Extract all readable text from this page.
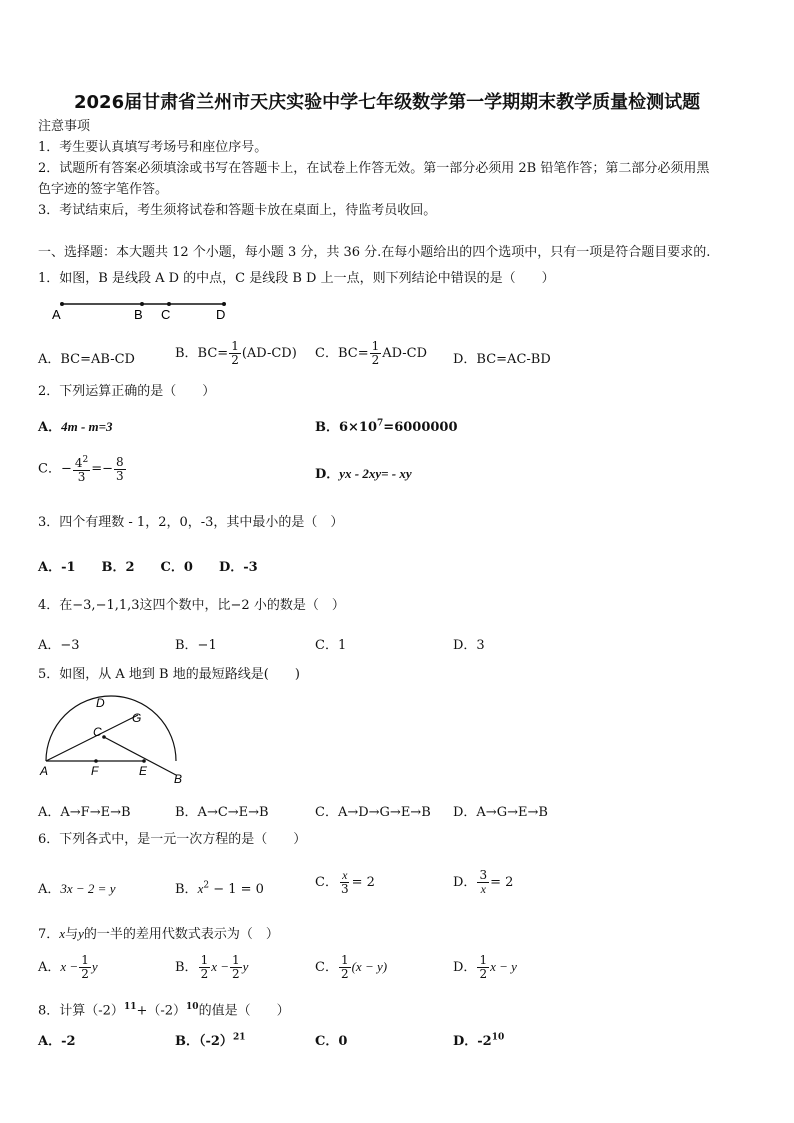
2026届甘肃省兰州市天庆实验中学七年级数学第一学期期末教学质量检测试题
注意事项
1．考生要认真填写考场号和座位序号。
2．试题所有答案必须填涂或书写在答题卡上，在试卷上作答无效。第一部分必须用 2B 铅笔作答；第二部分必须用黑
色字迹的签字笔作答。
3．考试结束后，考生须将试卷和答题卡放在桌面上，待监考员收回。
一、选择题：本大题共 12 个小题，每小题 3 分，共 36 分.在每小题给出的四个选项中，只有一项是符合题目要求的.
1．如图，B 是线段 A D 的中点，C 是线段 B D 上一点，则下列结论中错误的是（　　）
A	B C	D
A．BC=AB-CD	B．$BC= \frac{1}{2} (AD-CD)$ C．$BC= \frac{1}{2} AD-CD$ D．BC=AC-BD
2．下列运算正确的是（　　）
A．4m - m=3	B．$6\times 10^7=6000000$
C．− $\frac{4^2}{3} =- \frac{8}{3}$	D．yx - 2xy= - xy
3．四个有理数 - 1，2，0，-3，其中最小的是（　）
A．-1　　B．2　　C．0　　D．-3
4．在−3,−1,1,3这四个数中，比−2 小的数是（　）
A．−3	B．−1	C．1	D．3
5．如图，从 A 地到 B 地的最短路线是(　　)
D
G
C
A	F	E
B
A．A→F→E→B	B．A→C→E→B	C．A→D→G→E→B D．A→G→E→B
6．下列各式中，是一元一次方程的是（　　）
A．3x − 2 = y	B．$x^2 - 1 = 0$	C． $\frac{x}{3} = 2$	D． $\frac{3}{x} = 2$
7．x与y的一半的差用代数式表示为（　）
A．$x - \frac{1}{2}$ y	B． $\frac{1}{2}$ $x - \frac{1}{2}$ y	C． $\frac{1}{2} (x - y)$	D． $\frac{1}{2}$ x − y
8．计算$(-2)^{11}+(-2)^{10}$的值是（　　）
A．-2	B．$(-2)^{21}$	C．0	D．$-2^{10}$
